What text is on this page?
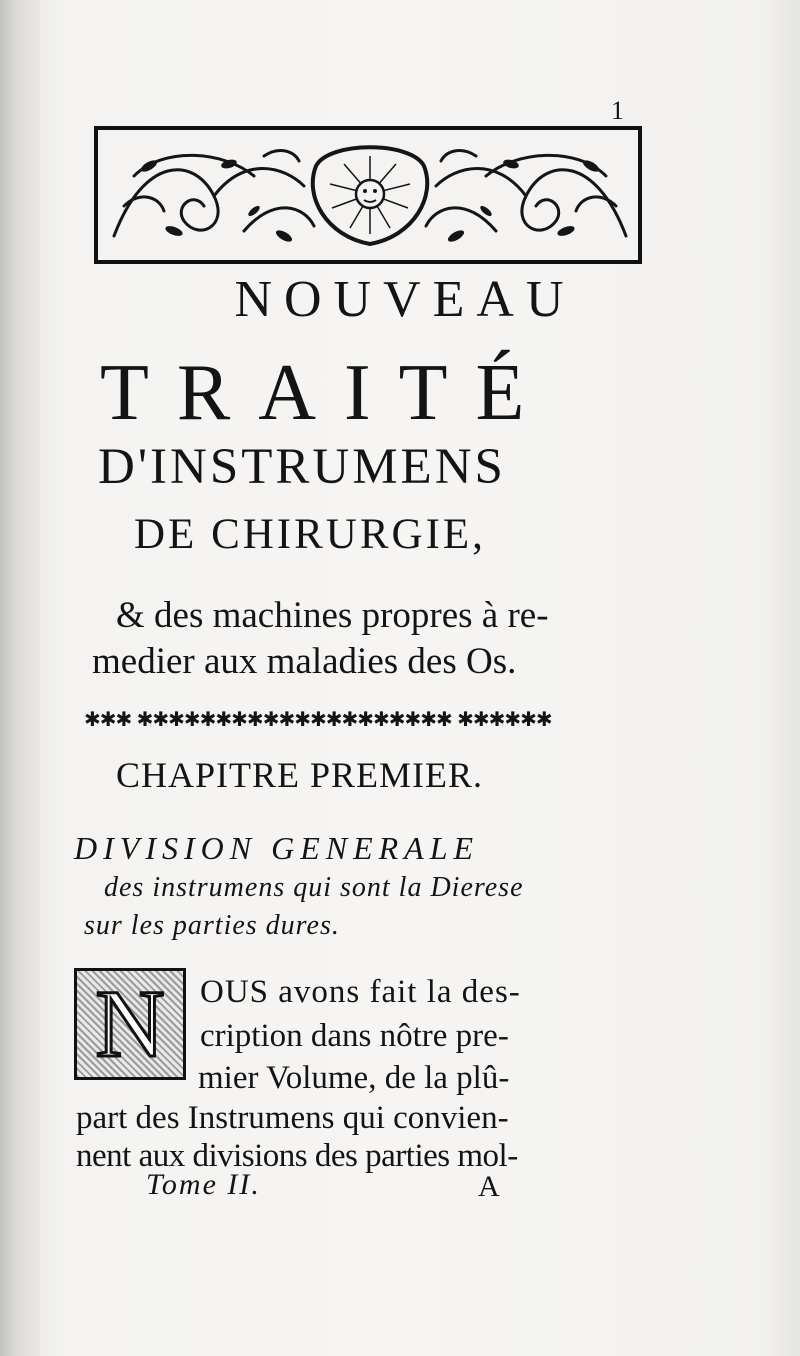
1
NOUVEAU
TRAITÉ
D'INSTRUMENS
DE CHIRURGIE,
& des machines propres à re-
medier aux maladies des Os.
✱✱✱ ✱✱✱✱✱✱✱✱✱✱✱✱✱✱✱✱✱✱✱✱ ✱✱✱✱✱✱
CHAPITRE PREMIER.
DIVISION GENERALE
des instrumens qui sont la Dierese
sur les parties dures.
N	OUS avons fait la des-
cription dans nôtre pre-
mier Volume, de la plû-
part des Instrumens qui convien-
nent aux divisions des parties mol-
Tome II.	A
